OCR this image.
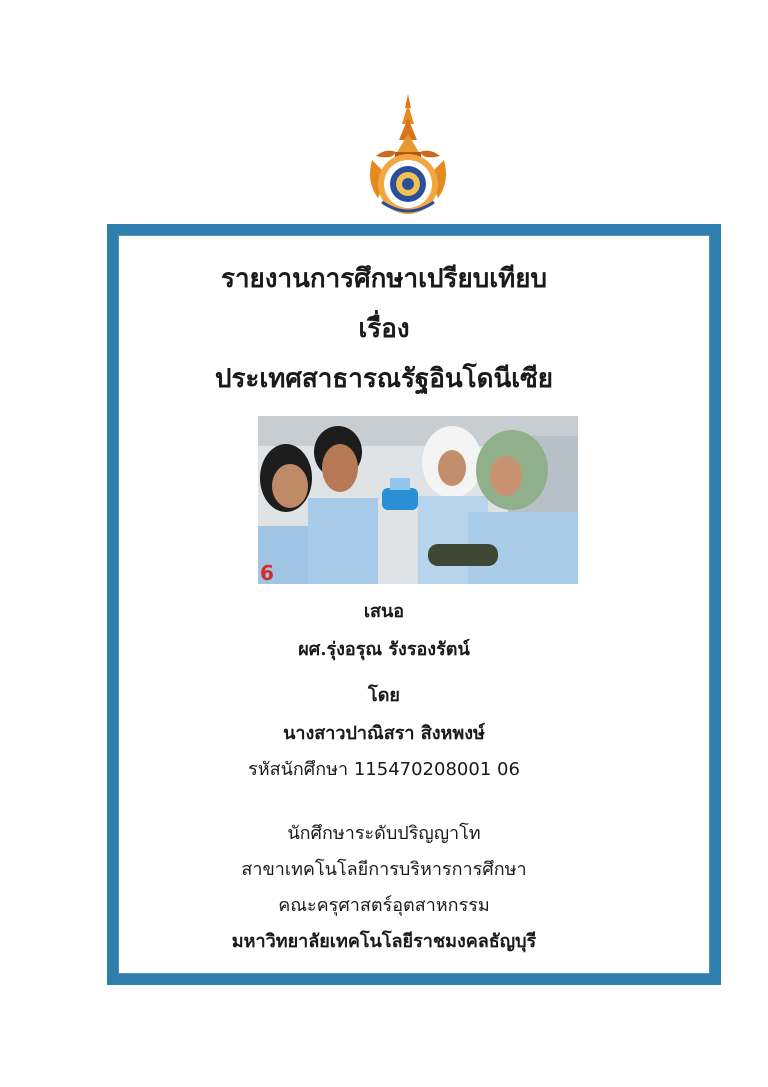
รายงานการศึกษาเปรียบเทียบ
เรื่อง
ประเทศสาธารณรัฐอินโดนีเซีย
6
เสนอ
ผศ.รุ่งอรุณ รังรองรัตน์
โดย
นางสาวปาณิสรา สิงหพงษ์
รหัสนักศึกษา 115470208001 06
นักศึกษาระดับปริญญาโท
สาขาเทคโนโลยีการบริหารการศึกษา
คณะครุศาสตร์อุตสาหกรรม
มหาวิทยาลัยเทคโนโลยีราชมงคลธัญบุรี
